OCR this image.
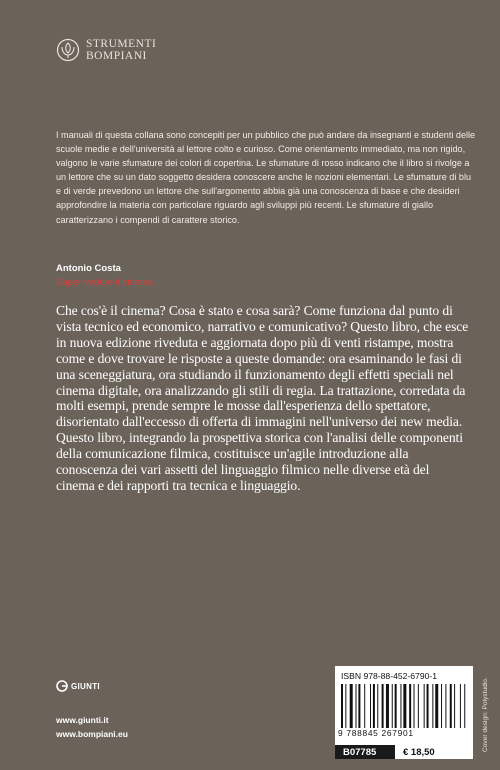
STRUMENTI
BOMPIANI

I manuali di questa collana sono concepiti per un pubblico che può andare da insegnanti e studenti delle scuole medie e dell'università al lettore colto e curioso. Come orientamento immediato, ma non rigido, valgono le varie sfumature dei colori di copertina. Le sfumature di rosso indicano che il libro si rivolge a un lettore che su un dato soggetto desidera conoscere anche le nozioni elementari. Le sfumature di blu e di verde prevedono un lettore che sull'argomento abbia già una conoscenza di base e che desideri approfondire la materia con particolare riguardo agli sviluppi più recenti. Le sfumature di giallo caratterizzano i compendi di carattere storico.

Antonio Costa
Saper vedere il cinema

Che cos'è il cinema? Cosa è stato e cosa sarà? Come funziona dal punto di vista tecnico ed economico, narrativo e comunicativo? Questo libro, che esce in nuova edizione riveduta e aggiornata dopo più di venti ristampe, mostra come e dove trovare le risposte a queste domande: ora esaminando le fasi di una sceneggiatura, ora studiando il funzionamento degli effetti speciali nel cinema digitale, ora analizzando gli stili di regia. La trattazione, corredata da molti esempi, prende sempre le mosse dall'esperienza dello spettatore, disorientato dall'eccesso di offerta di immagini nell'universo dei new media. Questo libro, integrando la prospettiva storica con l'analisi delle componenti della comunicazione filmica, costituisce un'agile introduzione alla conoscenza dei vari assetti del linguaggio filmico nelle diverse età del cinema e dei rapporti tra tecnica e linguaggio.

GIUNTI
www.giunti.it
www.bompiani.eu
ISBN 978-88-452-6790-1
9 788845 267901
B07785	€ 18,50	Cover design: Polystudio.
